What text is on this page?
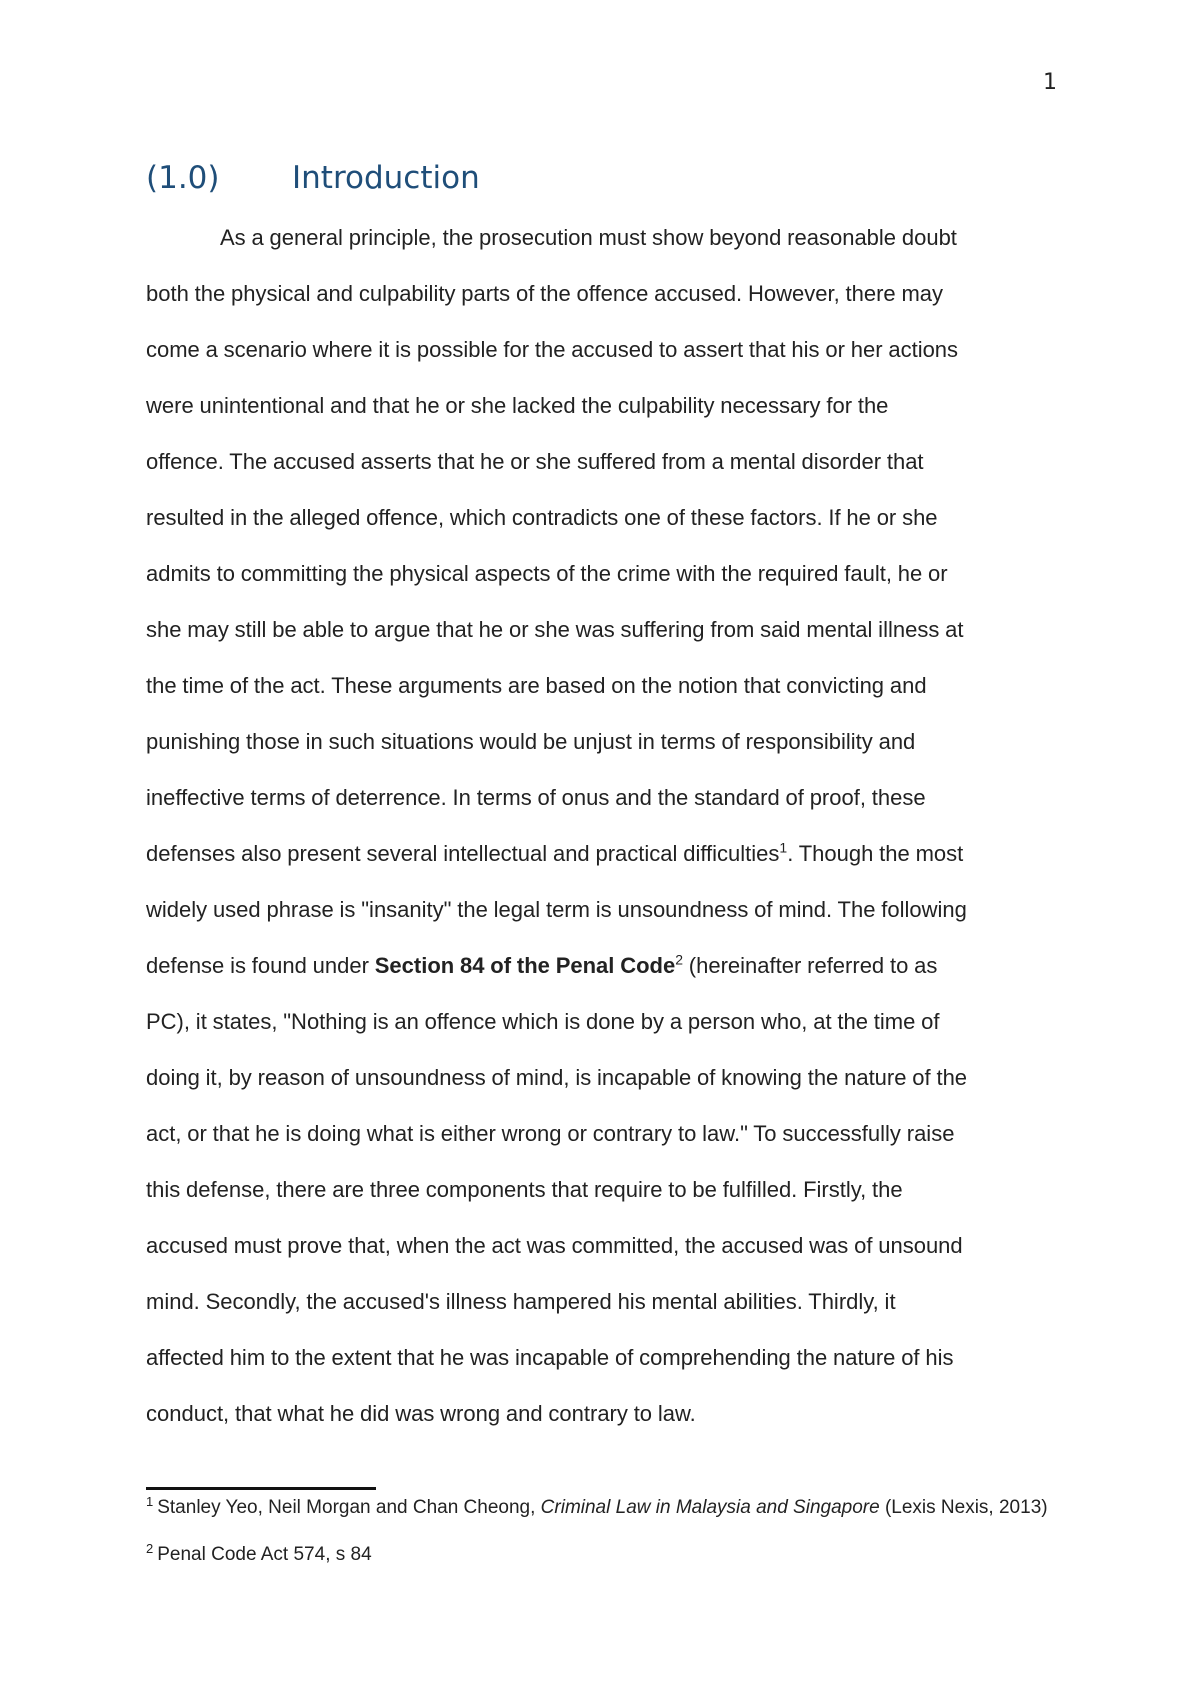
1
(1.0) Introduction
As a general principle, the prosecution must show beyond reasonable doubt
both the physical and culpability parts of the offence accused. However, there may
come a scenario where it is possible for the accused to assert that his or her actions
were unintentional and that he or she lacked the culpability necessary for the
offence. The accused asserts that he or she suffered from a mental disorder that
resulted in the alleged offence, which contradicts one of these factors. If he or she
admits to committing the physical aspects of the crime with the required fault, he or
she may still be able to argue that he or she was suffering from said mental illness at
the time of the act. These arguments are based on the notion that convicting and
punishing those in such situations would be unjust in terms of responsibility and
ineffective terms of deterrence. In terms of onus and the standard of proof, these
defenses also present several intellectual and practical difficulties$^1$. Though the most
widely used phrase is "insanity" the legal term is unsoundness of mind. The following
defense is found under Section 84 of the Penal Code$^2$ (hereinafter referred to as
PC), it states, "Nothing is an offence which is done by a person who, at the time of
doing it, by reason of unsoundness of mind, is incapable of knowing the nature of the
act, or that he is doing what is either wrong or contrary to law." To successfully raise
this defense, there are three components that require to be fulfilled. Firstly, the
accused must prove that, when the act was committed, the accused was of unsound
mind. Secondly, the accused's illness hampered his mental abilities. Thirdly, it
affected him to the extent that he was incapable of comprehending the nature of his
conduct, that what he did was wrong and contrary to law.
$^1$ Stanley Yeo, Neil Morgan and Chan Cheong, Criminal Law in Malaysia and Singapore (Lexis Nexis, 2013)
$^2$ Penal Code Act 574, s 84
